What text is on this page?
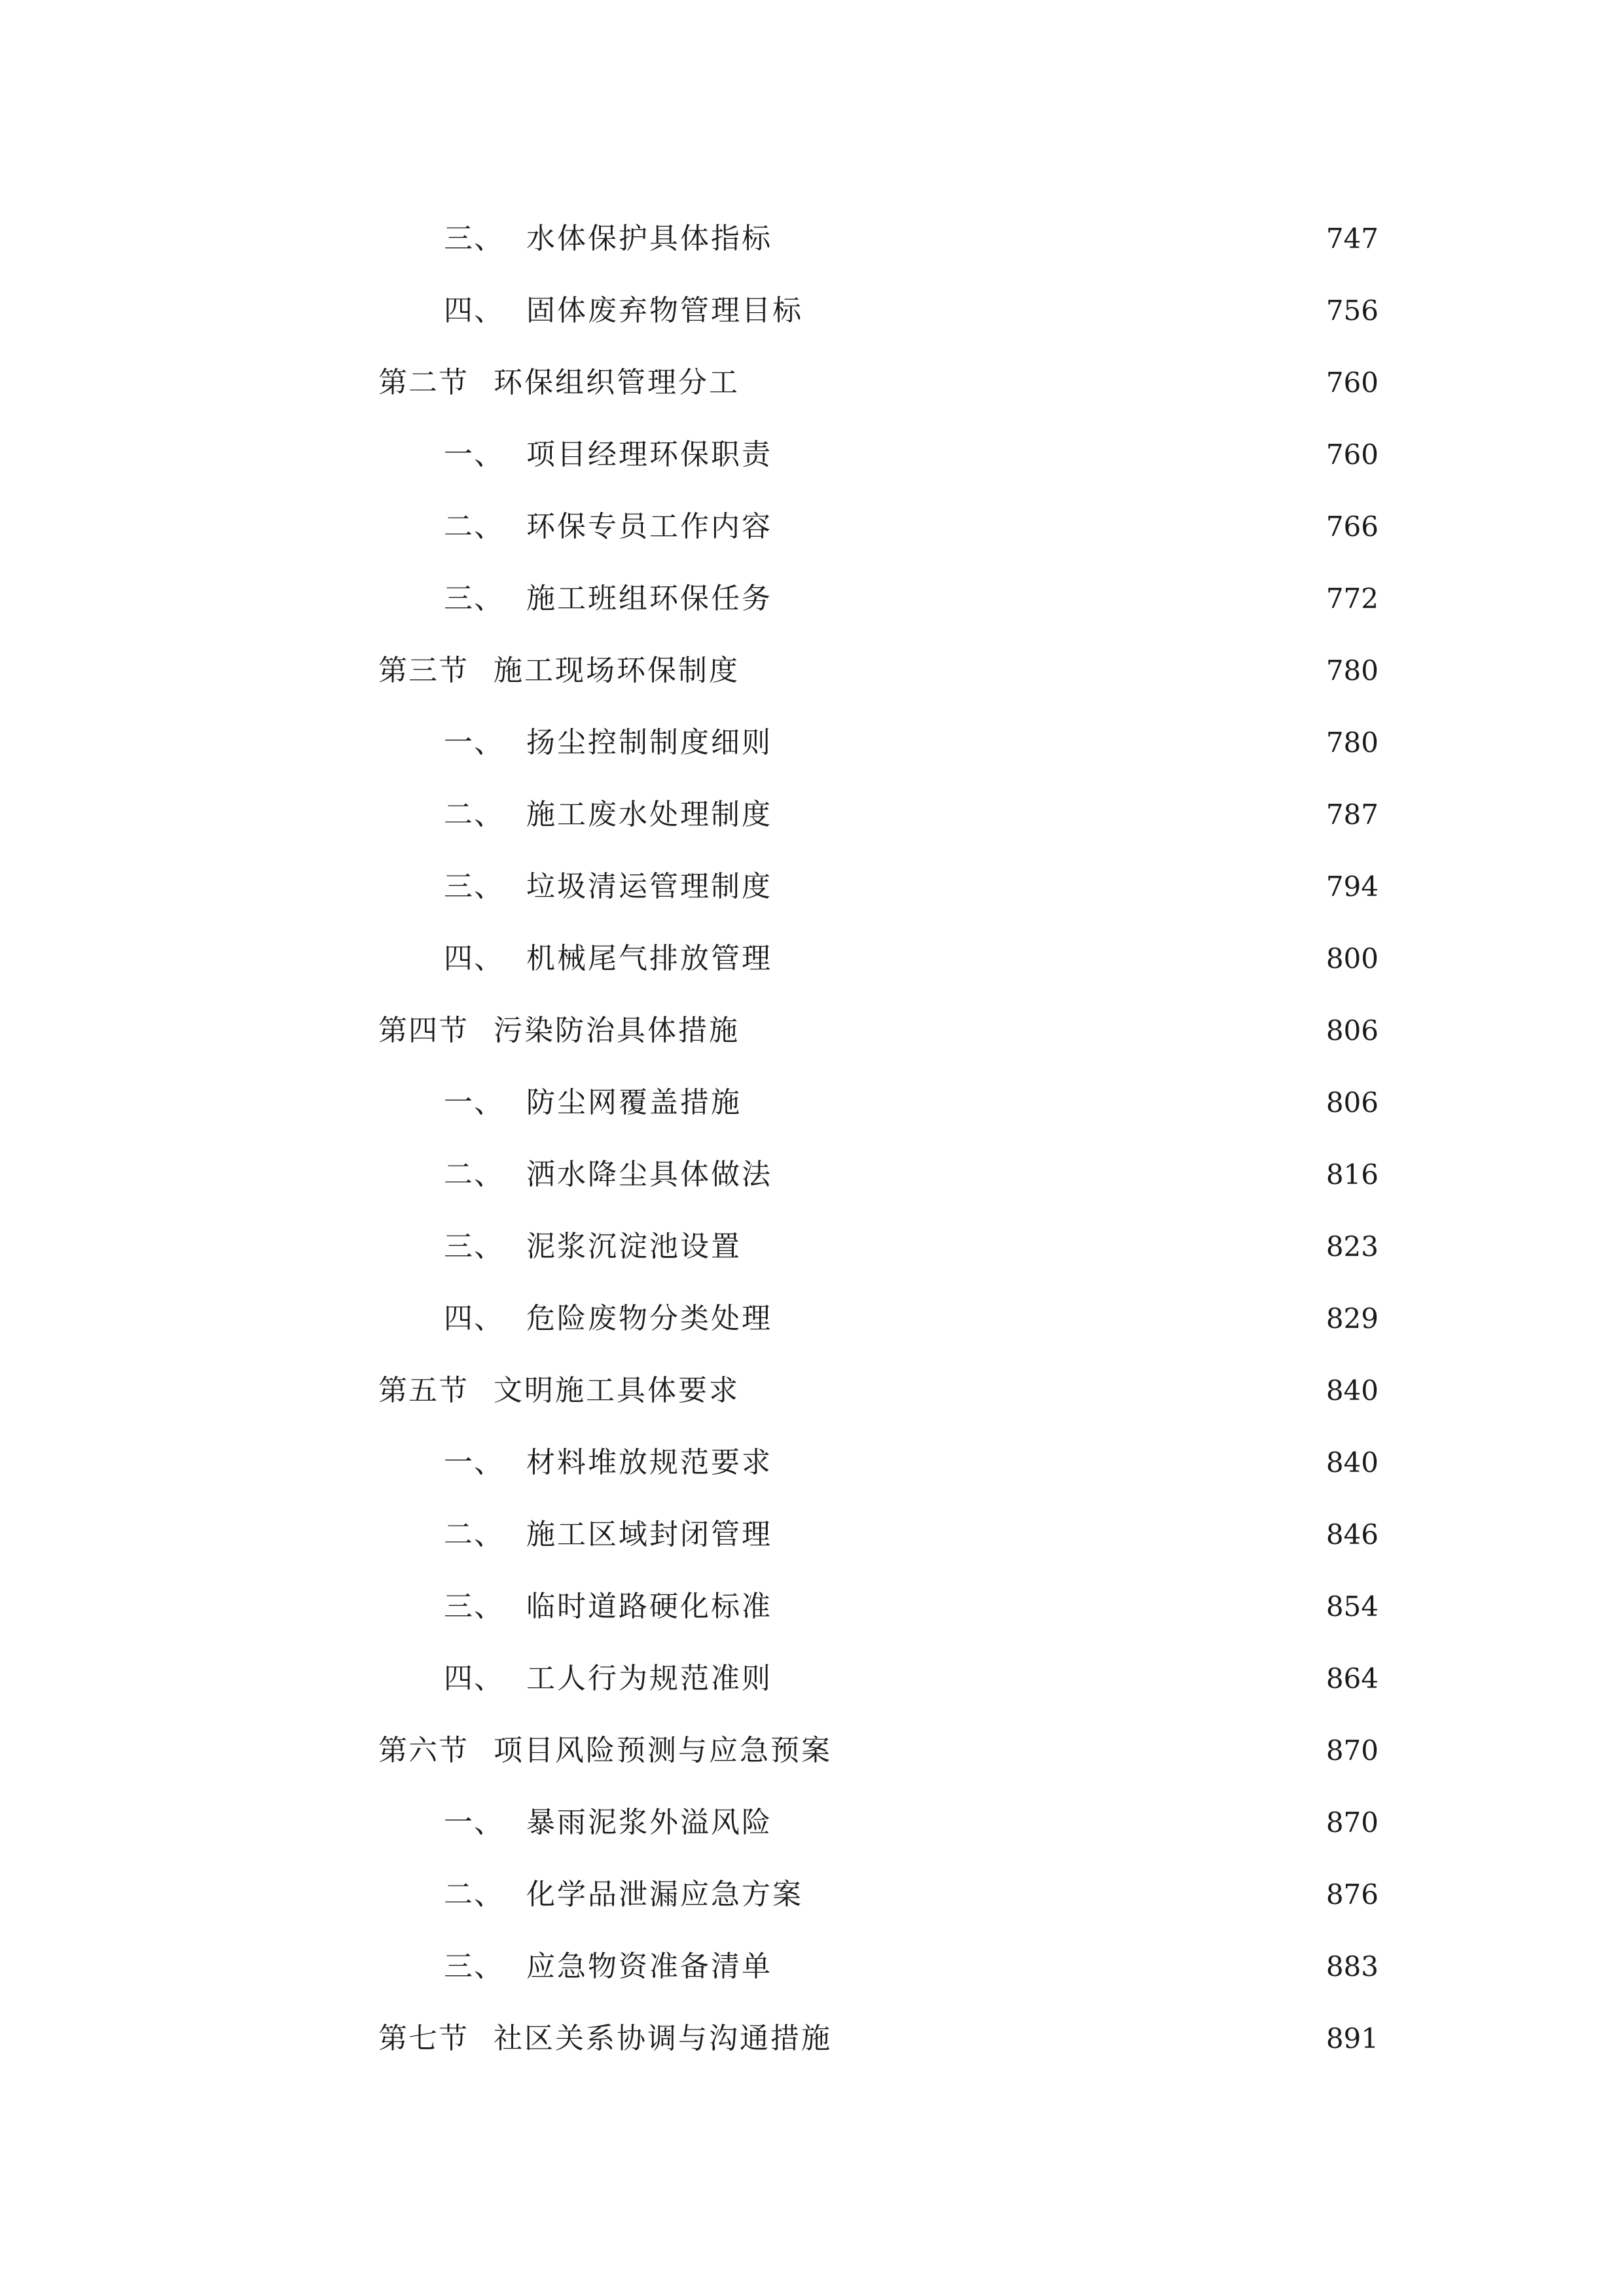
三、 水体保护具体指标	747
四、 固体废弃物管理目标	756
第二节 环保组织管理分工	760
一、 项目经理环保职责	760
二、 环保专员工作内容	766
三、 施工班组环保任务	772
第三节 施工现场环保制度	780
一、 扬尘控制制度细则	780
二、 施工废水处理制度	787
三、 垃圾清运管理制度	794
四、 机械尾气排放管理	800
第四节 污染防治具体措施	806
一、 防尘网覆盖措施	806
二、 洒水降尘具体做法	816
三、 泥浆沉淀池设置	823
四、 危险废物分类处理	829
第五节 文明施工具体要求	840
一、 材料堆放规范要求	840
二、 施工区域封闭管理	846
三、 临时道路硬化标准	854
四、 工人行为规范准则	864
第六节 项目风险预测与应急预案	870
一、 暴雨泥浆外溢风险	870
二、 化学品泄漏应急方案	876
三、 应急物资准备清单	883
第七节 社区关系协调与沟通措施	891
